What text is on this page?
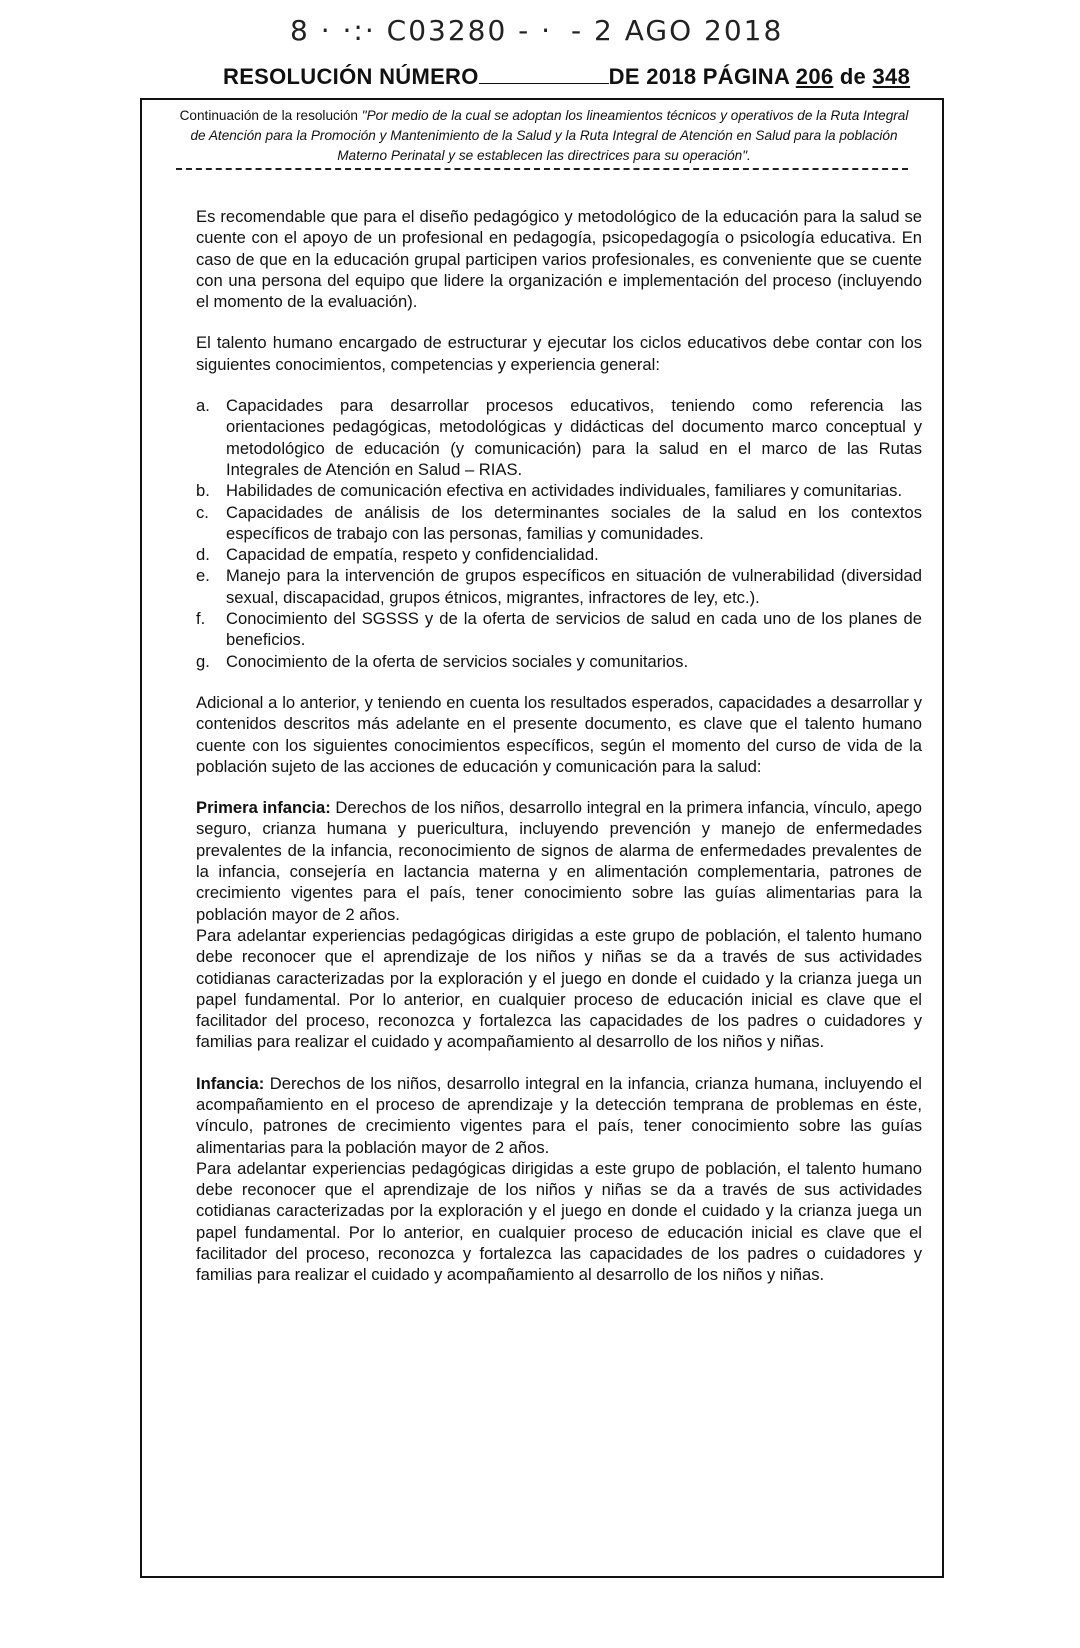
8 · ·:· C03280 - · - 2 AGO 2018
RESOLUCIÓN NÚMERO	DE 2018 PÁGINA 206 de 348
Continuación de la resolución "Por medio de la cual se adoptan los lineamientos técnicos y operativos de la Ruta Integral de Atención para la Promoción y Mantenimiento de la Salud y la Ruta Integral de Atención en Salud para la población Materno Perinatal y se establecen las directrices para su operación".

Es recomendable que para el diseño pedagógico y metodológico de la educación para la salud se cuente con el apoyo de un profesional en pedagogía, psicopedagogía o psicología educativa. En caso de que en la educación grupal participen varios profesionales, es conveniente que se cuente con una persona del equipo que lidere la organización e implementación del proceso (incluyendo el momento de la evaluación).

El talento humano encargado de estructurar y ejecutar los ciclos educativos debe contar con los siguientes conocimientos, competencias y experiencia general:

a. Capacidades para desarrollar procesos educativos, teniendo como referencia las orientaciones pedagógicas, metodológicas y didácticas del documento marco conceptual y metodológico de educación (y comunicación) para la salud en el marco de las Rutas Integrales de Atención en Salud – RIAS.
b. Habilidades de comunicación efectiva en actividades individuales, familiares y comunitarias.
c.	Capacidades de análisis de los determinantes sociales de la salud en los contextos específicos de trabajo con las personas, familias y comunidades.
d. Capacidad de empatía, respeto y confidencialidad.
e. Manejo para la intervención de grupos específicos en situación de vulnerabilidad (diversidad sexual, discapacidad, grupos étnicos, migrantes, infractores de ley, etc.).
f.	Conocimiento del SGSSS y de la oferta de servicios de salud en cada uno de los planes de beneficios.
g. Conocimiento de la oferta de servicios sociales y comunitarios.

Adicional a lo anterior, y teniendo en cuenta los resultados esperados, capacidades a desarrollar y contenidos descritos más adelante en el presente documento, es clave que el talento humano cuente con los siguientes conocimientos específicos, según el momento del curso de vida de la población sujeto de las acciones de educación y comunicación para la salud:

Primera infancia: Derechos de los niños, desarrollo integral en la primera infancia, vínculo, apego seguro, crianza humana y puericultura, incluyendo prevención y manejo de enfermedades prevalentes de la infancia, reconocimiento de signos de alarma de enfermedades prevalentes de la infancia, consejería en lactancia materna y en alimentación complementaria, patrones de crecimiento vigentes para el país, tener conocimiento sobre las guías alimentarias para la población mayor de 2 años.

Para adelantar experiencias pedagógicas dirigidas a este grupo de población, el talento humano debe reconocer que el aprendizaje de los niños y niñas se da a través de sus actividades cotidianas caracterizadas por la exploración y el juego en donde el cuidado y la crianza juega un papel fundamental. Por lo anterior, en cualquier proceso de educación inicial es clave que el facilitador del proceso, reconozca y fortalezca las capacidades de los padres o cuidadores y familias para realizar el cuidado y acompañamiento al desarrollo de los niños y niñas.

Infancia: Derechos de los niños, desarrollo integral en la infancia, crianza humana, incluyendo el acompañamiento en el proceso de aprendizaje y la detección temprana de problemas en éste, vínculo, patrones de crecimiento vigentes para el país, tener conocimiento sobre las guías alimentarias para la población mayor de 2 años.

Para adelantar experiencias pedagógicas dirigidas a este grupo de población, el talento humano debe reconocer que el aprendizaje de los niños y niñas se da a través de sus actividades cotidianas caracterizadas por la exploración y el juego en donde el cuidado y la crianza juega un papel fundamental. Por lo anterior, en cualquier proceso de educación inicial es clave que el facilitador del proceso, reconozca y fortalezca las capacidades de los padres o cuidadores y familias para realizar el cuidado y acompañamiento al desarrollo de los niños y niñas.
